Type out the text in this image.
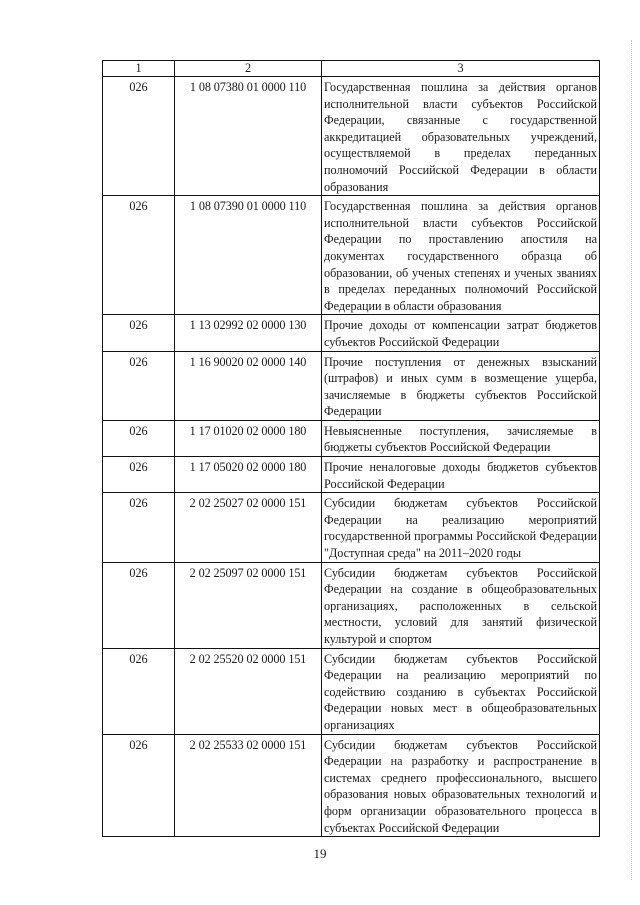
1	2	3
026	1 08 07380 01 0000 110	Государственная пошлина за действия органов исполнительной власти субъектов Российской Федерации, связанные с государственной аккредитацией образовательных учреждений, осуществляемой в пределах переданных полномочий Российской Федерации в области образования
026	1 08 07390 01 0000 110	Государственная пошлина за действия органов исполнительной власти субъектов Российской Федерации по проставлению апостиля на документах государственного образца об образовании, об ученых степенях и ученых званиях в пределах переданных полномочий Российской Федерации в области образования
026	1 13 02992 02 0000 130	Прочие доходы от компенсации затрат бюджетов субъектов Российской Федерации
026	1 16 90020 02 0000 140	Прочие поступления от денежных взысканий (штрафов) и иных сумм в возмещение ущерба, зачисляемые в бюджеты субъектов Российской Федерации
026	1 17 01020 02 0000 180	Невыясненные поступления, зачисляемые в бюджеты субъектов Российской Федерации
026	1 17 05020 02 0000 180	Прочие неналоговые доходы бюджетов субъектов Российской Федерации
026	2 02 25027 02 0000 151	Субсидии бюджетам субъектов Российской Федерации на реализацию мероприятий государственной программы Российской Федерации "Доступная среда" на 2011–2020 годы
026	2 02 25097 02 0000 151	Субсидии бюджетам субъектов Российской Федерации на создание в общеобразовательных организациях, расположенных в сельской местности, условий для занятий физической культурой и спортом
026	2 02 25520 02 0000 151	Субсидии бюджетам субъектов Российской Федерации на реализацию мероприятий по содействию созданию в субъектах Российской Федерации новых мест в общеобразовательных организациях
026	2 02 25533 02 0000 151	Субсидии бюджетам субъектов Российской Федерации на разработку и распространение в системах среднего профессионального, высшего образования новых образовательных технологий и форм организации образовательного процесса в субъектах Российской Федерации
19
